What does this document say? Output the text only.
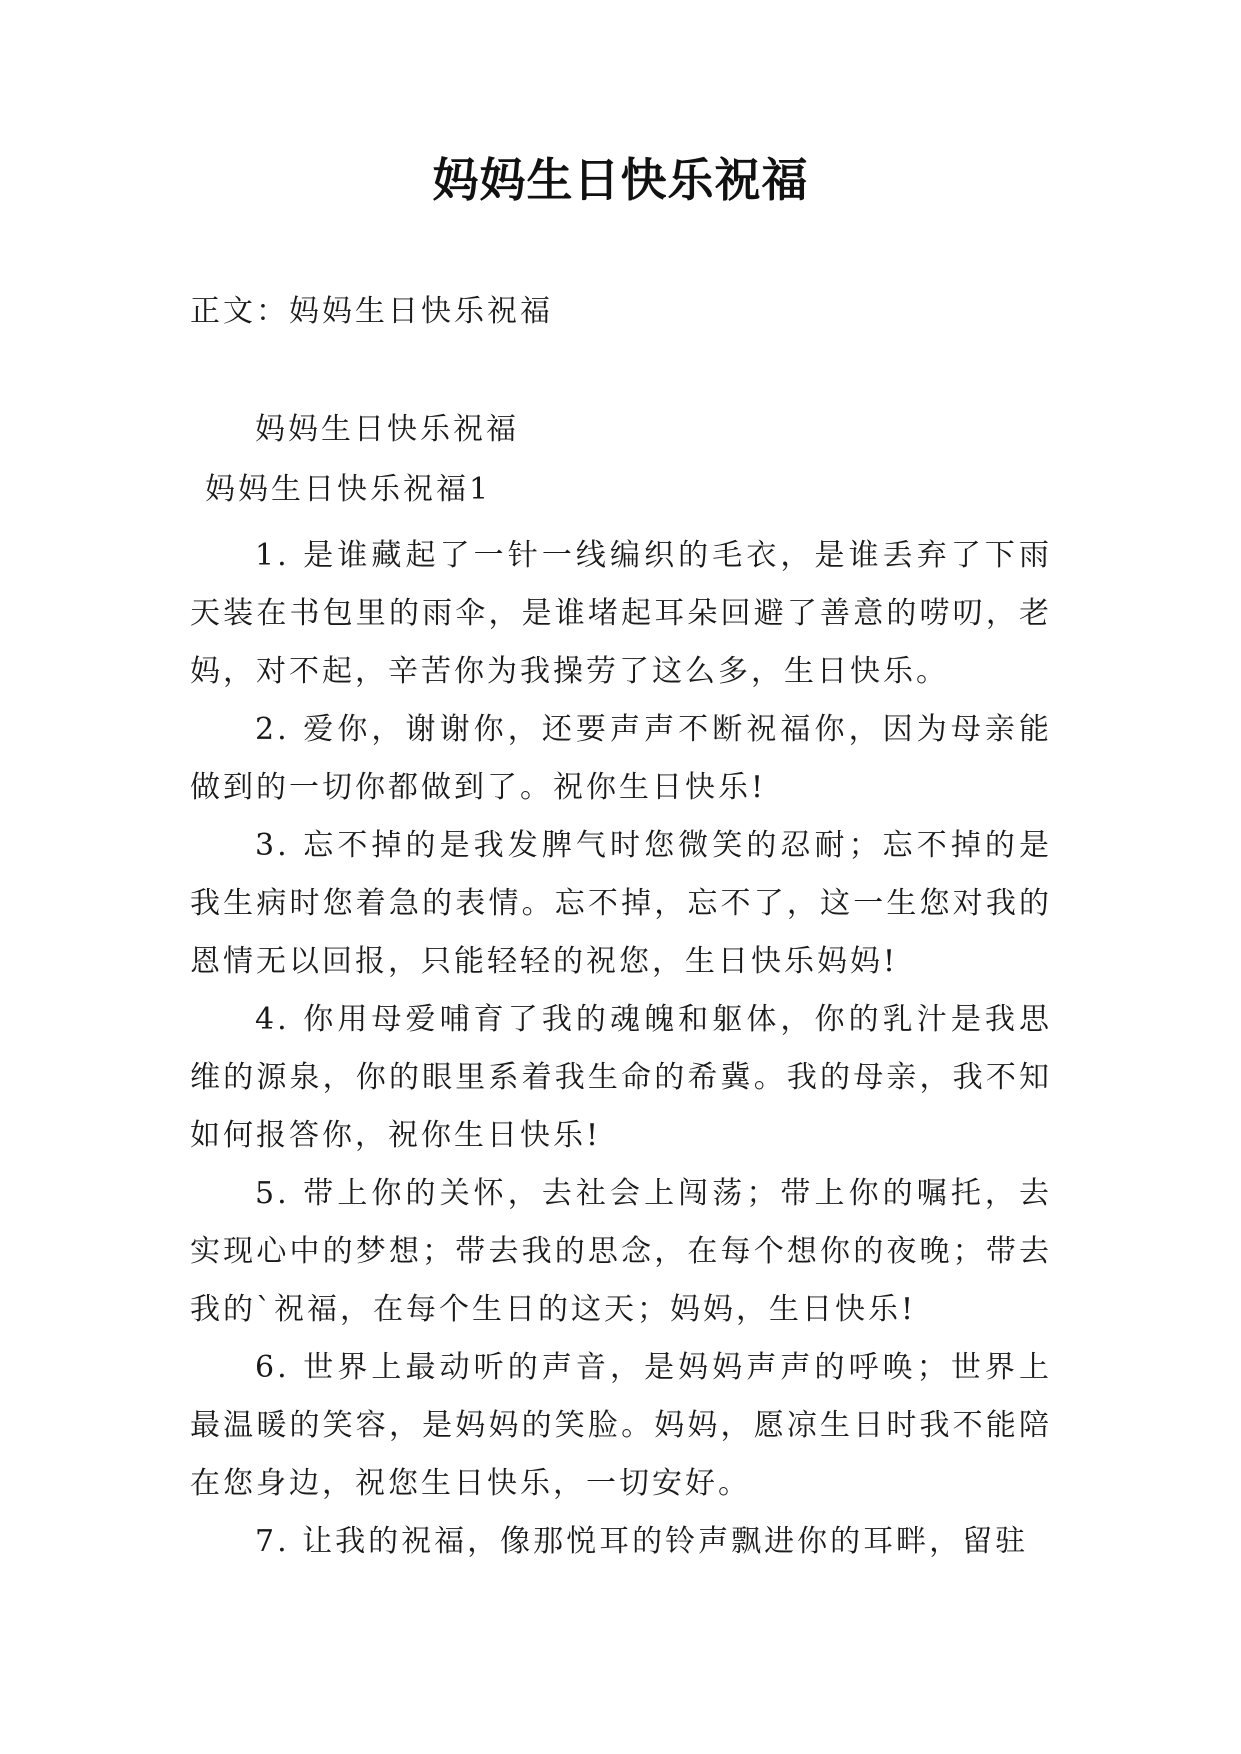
妈妈生日快乐祝福
正文：妈妈生日快乐祝福
妈妈生日快乐祝福
妈妈生日快乐祝福1

1. 是谁藏起了一针一线编织的毛衣，是谁丢弃了下雨天装在书包里的雨伞，是谁堵起耳朵回避了善意的唠叨，老妈，对不起，辛苦你为我操劳了这么多，生日快乐。

2. 爱你，谢谢你，还要声声不断祝福你，因为母亲能做到的一切你都做到了。祝你生日快乐!

3. 忘不掉的是我发脾气时您微笑的忍耐；忘不掉的是我生病时您着急的表情。忘不掉，忘不了，这一生您对我的恩情无以回报，只能轻轻的祝您，生日快乐妈妈!

4. 你用母爱哺育了我的魂魄和躯体，你的乳汁是我思维的源泉，你的眼里系着我生命的希冀。我的母亲，我不知如何报答你，祝你生日快乐!

5. 带上你的关怀，去社会上闯荡；带上你的嘱托，去实现心中的梦想；带去我的思念，在每个想你的夜晚；带去我的`祝福，在每个生日的这天；妈妈，生日快乐!

6. 世界上最动听的声音，是妈妈声声的呼唤；世界上最温暖的笑容，是妈妈的笑脸。妈妈，愿凉生日时我不能陪在您身边，祝您生日快乐，一切安好。

7. 让我的祝福，像那悦耳的铃声飘进你的耳畔，留驻
